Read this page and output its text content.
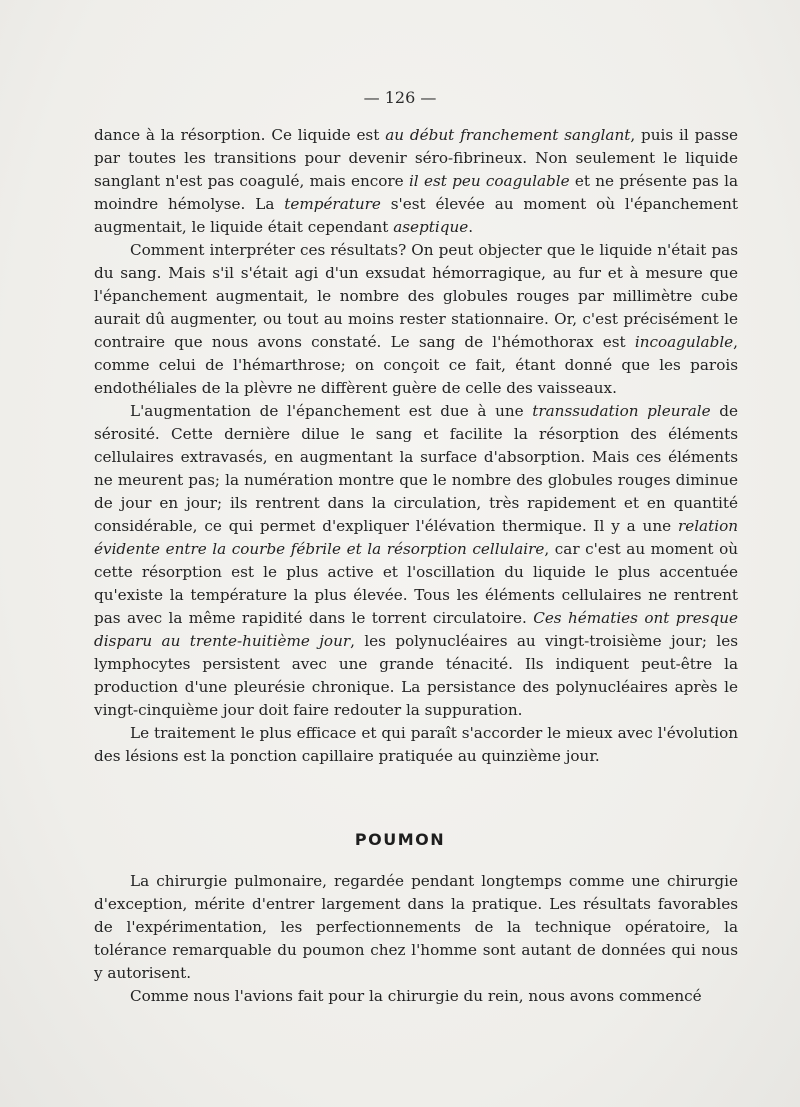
— 126 —

dance à la résorption. Ce liquide est au début franchement sanglant, puis il passe par toutes les transitions pour devenir séro-fibrineux. Non seulement le liquide sanglant n'est pas coagulé, mais encore il est peu coagulable et ne présente pas la moindre hémolyse. La température s'est élevée au moment où l'épanchement augmentait, le liquide était cependant aseptique.

Comment interpréter ces résultats? On peut objecter que le liquide n'était pas du sang. Mais s'il s'était agi d'un exsudat hémorragique, au fur et à mesure que l'épanchement augmentait, le nombre des globules rouges par millimètre cube aurait dû augmenter, ou tout au moins rester stationnaire. Or, c'est précisément le contraire que nous avons constaté. Le sang de l'hémothorax est incoagulable, comme celui de l'hémarthrose; on conçoit ce fait, étant donné que les parois endothéliales de la plèvre ne diffèrent guère de celle des vaisseaux.

L'augmentation de l'épanchement est due à une transsudation pleurale de sérosité. Cette dernière dilue le sang et facilite la résorption des éléments cellulaires extravasés, en augmentant la surface d'absorption. Mais ces éléments ne meurent pas; la numération montre que le nombre des globules rouges diminue de jour en jour; ils rentrent dans la circulation, très rapidement et en quantité considérable, ce qui permet d'expliquer l'élévation thermique. Il y a une relation évidente entre la courbe fébrile et la résorption cellulaire, car c'est au moment où cette résorption est le plus active et l'oscillation du liquide le plus accentuée qu'existe la température la plus élevée. Tous les éléments cellulaires ne rentrent pas avec la même rapidité dans le torrent circulatoire. Ces hématies ont presque disparu au trente-huitième jour, les polynucléaires au vingt-troisième jour; les lymphocytes persistent avec une grande ténacité. Ils indiquent peut-être la production d'une pleurésie chronique. La persistance des polynucléaires après le vingt-cinquième jour doit faire redouter la suppuration.

Le traitement le plus efficace et qui paraît s'accorder le mieux avec l'évolution des lésions est la ponction capillaire pratiquée au quinzième jour.

POUMON

La chirurgie pulmonaire, regardée pendant longtemps comme une chirurgie d'exception, mérite d'entrer largement dans la pratique. Les résultats favorables de l'expérimentation, les perfectionnements de la technique opératoire, la tolérance remarquable du poumon chez l'homme sont autant de données qui nous y autorisent.

Comme nous l'avions fait pour la chirurgie du rein, nous avons commencé
